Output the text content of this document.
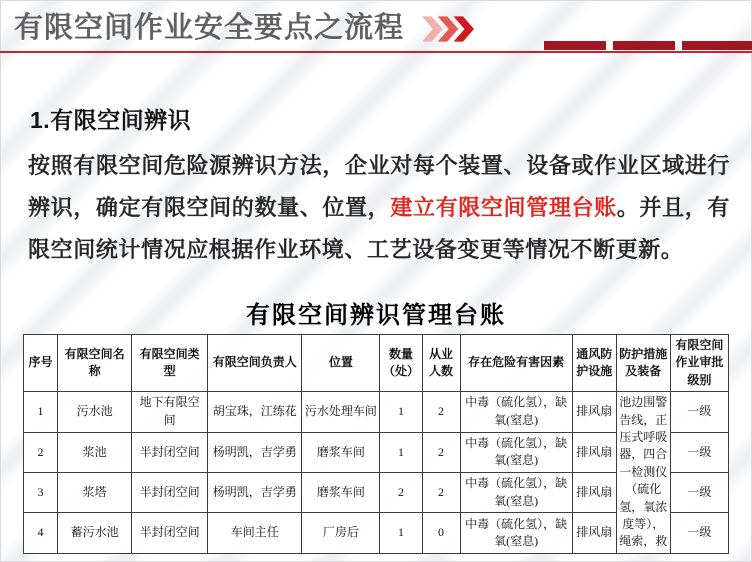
有限空间作业安全要点之流程
1.有限空间辨识

按照有限空间危险源辨识方法，企业对每个装置、设备或作业区域进行辨识，确定有限空间的数量、位置，建立有限空间管理台账。并且，有限空间统计情况应根据作业环境、工艺设备变更等情况不断更新。

有限空间辨识管理台账
序号	有限空间名称	有限空间类型	有限空间负责人	位置	数量（处）	从业人数	存在危险有害因素	通风防护设施	防护措施及装备	有限空间作业审批级别
1	污水池	地下有限空间	胡宝珠，江练花	污水处理车间	1	2	中毒（硫化氢），缺氧(窒息)	排风扇	池边围警告线，正压式呼吸器，四合一检测仪（硫化氢，氧浓度等），绳索，救	一级
2	浆池	半封闭空间	杨明凯，吉学勇	磨浆车间	1	2	中毒（硫化氢），缺氧(窒息)	排风扇		一级
3	浆塔	半封闭空间	杨明凯，吉学勇	磨浆车间	2	2	中毒（硫化氢），缺氧(窒息)	排风扇		一级
4	蓄污水池	半封闭空间	车间主任	厂房后	1	0	中毒（硫化氢），缺氧(窒息)	排风扇		一级
